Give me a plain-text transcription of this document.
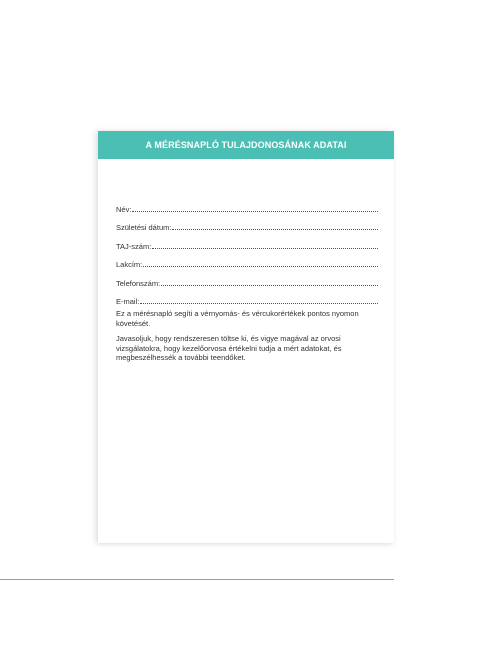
A MÉRÉSNAPLÓ TULAJDONOSÁNAK ADATAI
Név:
Születési dátum:
TAJ-szám:
Lakcím:
Telefonszám:
E-mail:

Ez a mérésnapló segíti a vérnyomás- és vércukorértékek pontos nyomon követését.

Javasoljuk, hogy rendszeresen töltse ki, és vigye magával az orvosi vizsgálatokra, hogy kezelőorvosa értékelni tudja a mért adatokat, és megbeszélhessék a további teendőket.
